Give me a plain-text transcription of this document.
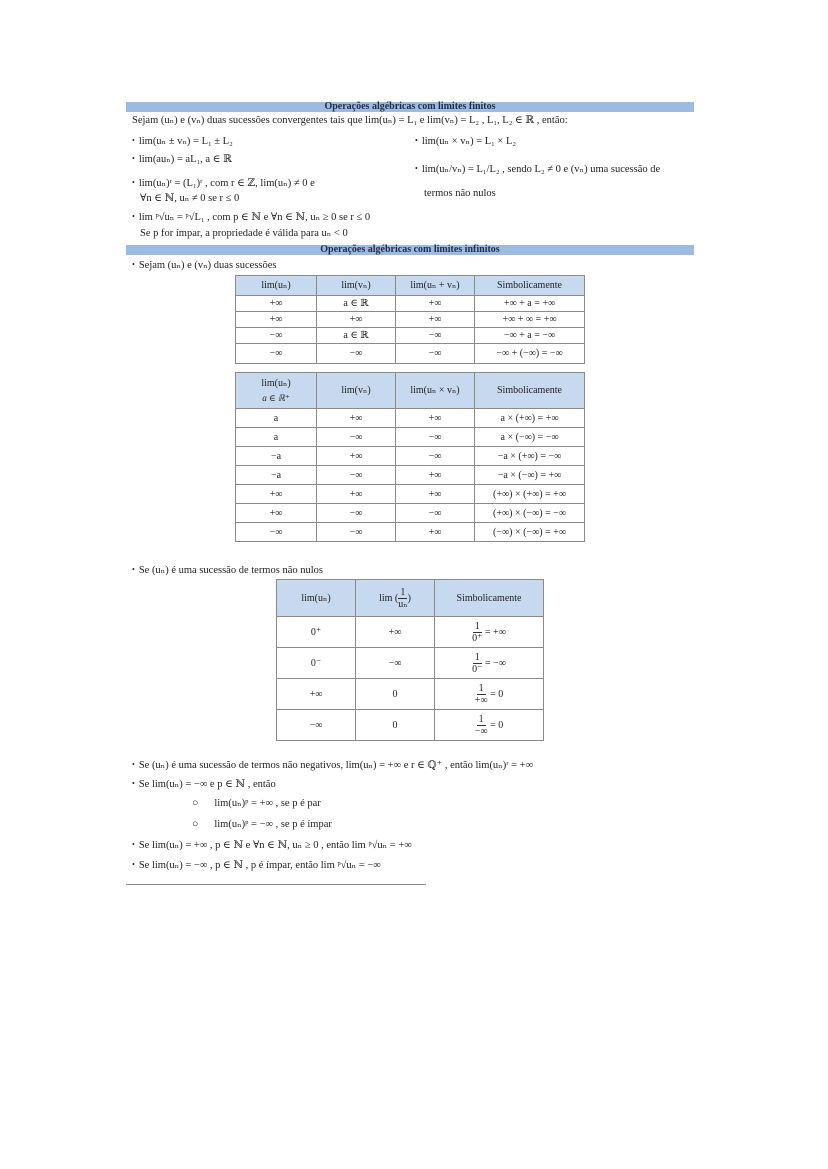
Operações algébricas com limites finitos
Sejam (uₙ) e (vₙ) duas sucessões convergentes tais que lim(uₙ) = L₁ e lim(vₙ) = L₂ , L₁, L₂ ∈ ℝ , então:
• lim(uₙ ± vₙ) = L₁ ± L₂
• lim(auₙ) = aL₁, a ∈ ℝ
• lim(uₙ)ʳ = (L₁)ʳ , com r ∈ ℤ, lim(uₙ) ≠ 0 e
∀n ∈ ℕ, uₙ ≠ 0 se r ≤ 0
• lim ᵖ√uₙ = ᵖ√L₁ , com p ∈ ℕ e ∀n ∈ ℕ, uₙ ≥ 0 se r ≤ 0
Se p for ímpar, a propriedade é válida para uₙ < 0
• lim(uₙ × vₙ) = L₁ × L₂
• lim(uₙ/vₙ) = L₁/L₂ , sendo L₂ ≠ 0 e (vₙ) uma sucessão de
termos não nulos
Operações algébricas com limites infinitos
• Sejam (uₙ) e (vₙ) duas sucessões
lim(uₙ)	lim(vₙ)	lim(uₙ + vₙ)	Simbolicamente
+∞	a ∈ ℝ	+∞	+∞ + a = +∞
+∞	+∞	+∞	+∞ + ∞ = +∞
−∞	a ∈ ℝ	−∞	−∞ + a = −∞
−∞	−∞	−∞	−∞ + (−∞) = −∞
lim(uₙ)
a ∈ ℝ⁺	lim(vₙ)	lim(uₙ × vₙ)	Simbolicamente
a	+∞	+∞	a × (+∞) = +∞
a	−∞	−∞	a × (−∞) = −∞
−a	+∞	−∞	−a × (+∞) = −∞
−a	−∞	+∞	−a × (−∞) = +∞
+∞	+∞	+∞	(+∞) × (+∞) = +∞
+∞	−∞	−∞	(+∞) × (−∞) = −∞
−∞	−∞	+∞	(−∞) × (−∞) = +∞
• Se (uₙ) é uma sucessão de termos não nulos
lim(uₙ)	lim ( $\frac{1}{\text{uₙ}}$ )	Simbolicamente
0⁺	+∞	$\frac{1}{0^+}$ = +∞
0⁻	−∞	$\frac{1}{0^-}$ = −∞
+∞	0	$\frac{1}{+\infty} = 0$
−∞	0	$\frac{1}{-\infty} = 0$
• Se (uₙ) é uma sucessão de termos não negativos, lim(uₙ) = +∞ e r ∈ ℚ⁺ , então lim(uₙ)ʳ = +∞
• Se lim(uₙ) = −∞ e p ∈ ℕ , então
○ lim(uₙ)ᵖ = +∞ , se p é par
○ lim(uₙ)ᵖ = −∞ , se p é ímpar
• Se lim(uₙ) = +∞ , p ∈ ℕ e ∀n ∈ ℕ, uₙ ≥ 0 , então lim ᵖ√uₙ = +∞
• Se lim(uₙ) = −∞ , p ∈ ℕ , p é ímpar, então lim ᵖ√uₙ = −∞
